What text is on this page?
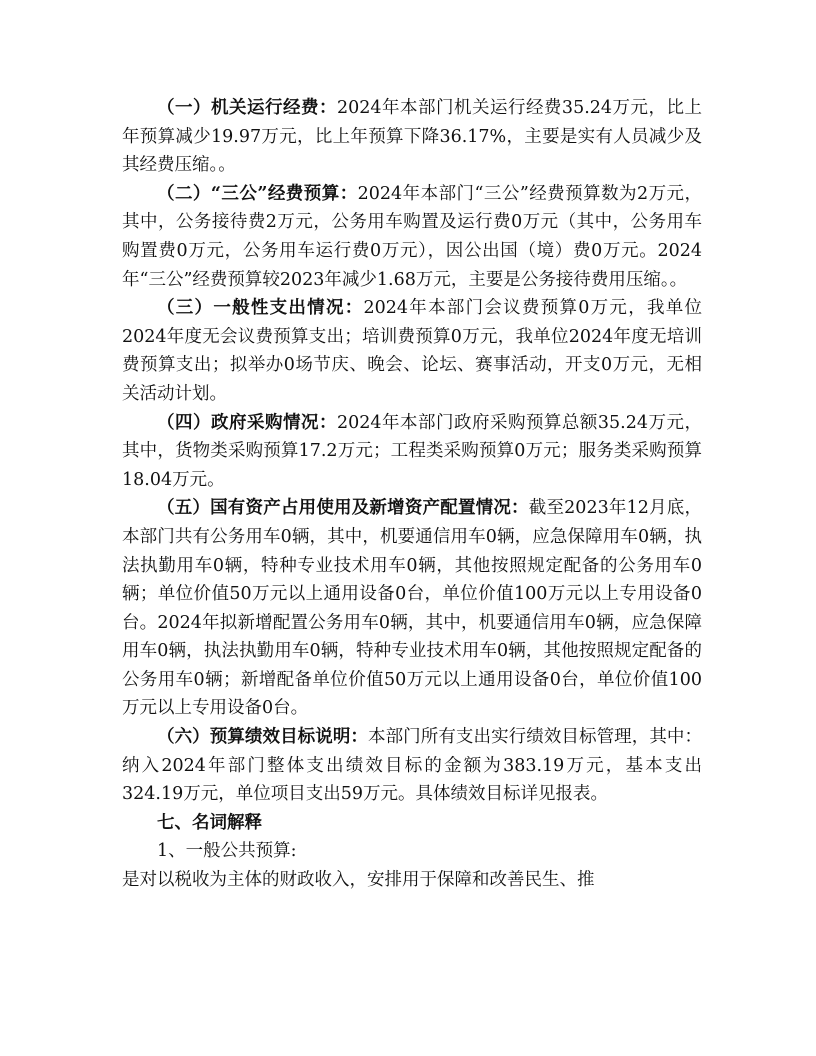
（一）机关运行经费：2024年本部门机关运行经费35.24万元，比上年预算减少19.97万元，比上年预算下降36.17%，主要是实有人员减少及其经费压缩。。

（二）“三公”经费预算：2024年本部门“三公”经费预算数为2万元，其中，公务接待费2万元，公务用车购置及运行费0万元（其中，公务用车购置费0万元，公务用车运行费0万元），因公出国（境）费0万元。2024年“三公”经费预算较2023年减少1.68万元，主要是公务接待费用压缩。。

（三）一般性支出情况：2024年本部门会议费预算0万元，我单位2024年度无会议费预算支出；培训费预算0万元，我单位2024年度无培训费预算支出；拟举办0场节庆、晚会、论坛、赛事活动，开支0万元，无相关活动计划。

（四）政府采购情况：2024年本部门政府采购预算总额35.24万元，其中，货物类采购预算17.2万元；工程类采购预算0万元；服务类采购预算18.04万元。

（五）国有资产占用使用及新增资产配置情况：截至2023年12月底，本部门共有公务用车0辆，其中，机要通信用车0辆，应急保障用车0辆，执法执勤用车0辆，特种专业技术用车0辆，其他按照规定配备的公务用车0辆；单位价值50万元以上通用设备0台，单位价值100万元以上专用设备0台。2024年拟新增配置公务用车0辆，其中，机要通信用车0辆，应急保障用车0辆，执法执勤用车0辆，特种专业技术用车0辆，其他按照规定配备的公务用车0辆；新增配备单位价值50万元以上通用设备0台，单位价值100万元以上专用设备0台。

（六）预算绩效目标说明：本部门所有支出实行绩效目标管理，其中：纳入2024年部门整体支出绩效目标的金额为383.19万元，基本支出324.19万元，单位项目支出59万元。具体绩效目标详见报表。

七、名词解释

1、一般公共预算:

是对以税收为主体的财政收入，安排用于保障和改善民生、推
